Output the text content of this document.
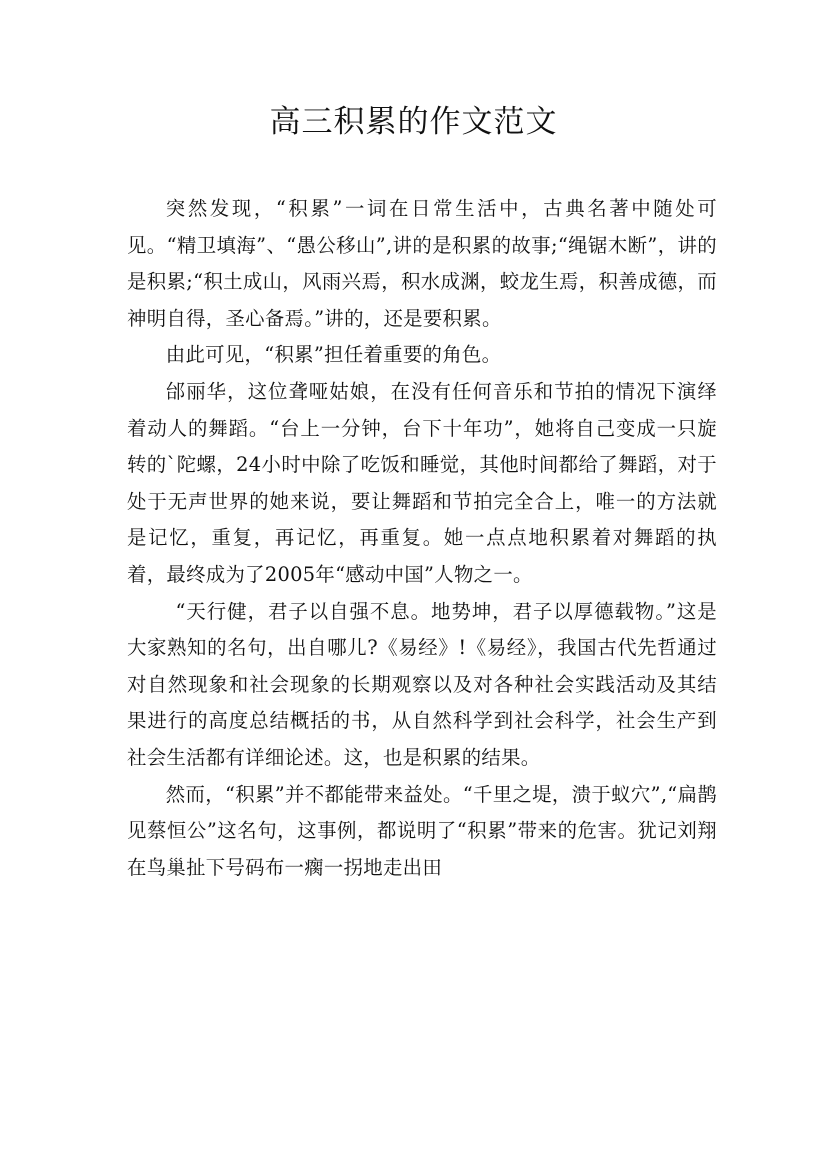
高三积累的作文范文

突然发现，“积累”一词在日常生活中，古典名著中随处可见。“精卫填海”、“愚公移山”,讲的是积累的故事;“绳锯木断”，讲的是积累;“积土成山，风雨兴焉，积水成渊，蛟龙生焉，积善成德，而神明自得，圣心备焉。”讲的，还是要积累。

由此可见，“积累”担任着重要的角色。

邰丽华，这位聋哑姑娘，在没有任何音乐和节拍的情况下演绎着动人的舞蹈。“台上一分钟，台下十年功”，她将自己变成一只旋转的`陀螺，24小时中除了吃饭和睡觉，其他时间都给了舞蹈，对于处于无声世界的她来说，要让舞蹈和节拍完全合上，唯一的方法就是记忆，重复，再记忆，再重复。她一点点地积累着对舞蹈的执着，最终成为了2005年“感动中国”人物之一。

“天行健，君子以自强不息。地势坤，君子以厚德载物。”这是大家熟知的名句，出自哪儿?《易经》!《易经》，我国古代先哲通过对自然现象和社会现象的长期观察以及对各种社会实践活动及其结果进行的高度总结概括的书，从自然科学到社会科学，社会生产到社会生活都有详细论述。这，也是积累的结果。

然而，“积累”并不都能带来益处。“千里之堤，溃于蚁穴”,“扁鹊见蔡恒公”这名句，这事例，都说明了“积累”带来的危害。犹记刘翔在鸟巢扯下号码布一瘸一拐地走出田
